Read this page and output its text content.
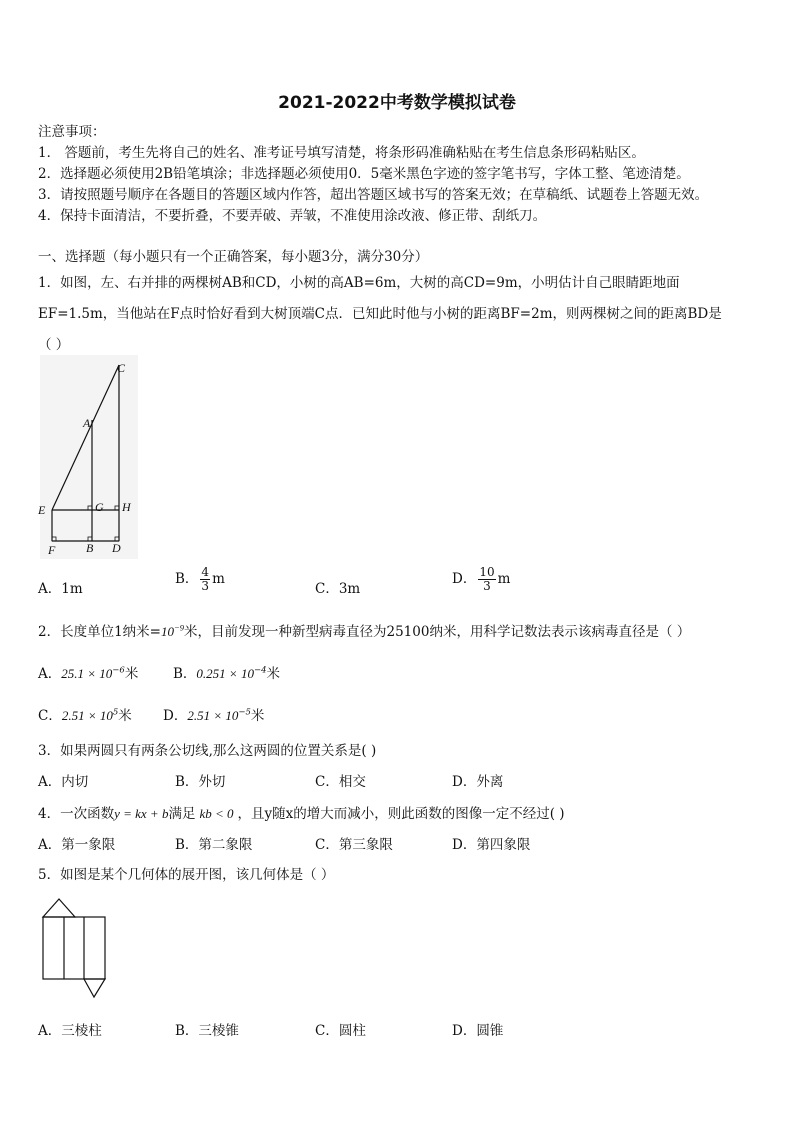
2021-2022中考数学模拟试卷
注意事项：
1． 答题前，考生先将自己的姓名、准考证号填写清楚，将条形码准确粘贴在考生信息条形码粘贴区。
2．选择题必须使用2B铅笔填涂；非选择题必须使用0．5毫米黑色字迹的签字笔书写，字体工整、笔迹清楚。
3．请按照题号顺序在各题目的答题区域内作答，超出答题区域书写的答案无效；在草稿纸、试题卷上答题无效。
4．保持卡面清洁，不要折叠，不要弄破、弄皱，不准使用涂改液、修正带、刮纸刀。
一、选择题（每小题只有一个正确答案，每小题3分，满分30分）
1．如图，左、右并排的两棵树AB和CD，小树的高AB=6m，大树的高CD=9m，小明估计自己眼睛距地面
EF=1.5m，当他站在F点时恰好看到大树顶端C点．已知此时他与小树的距离BF=2m，则两棵树之间的距离BD是
（ ）
C
A
E	G H
F	B D
A．1m
B． $\frac{4}{3}$ m
C．3m
D． $\frac{10}{3}$ m
2．长度单位1纳米$=10^{-9}$米，目前发现一种新型病毒直径为25100纳米，用科学记数法表示该病毒直径是（ ）
A．$25.1 \times 10^{-6}$米	B．$0.251 \times 10^{-4}$米
C．$2.51 \times 10^5$米 D．$2.51 \times 10^{-5}$米
3．如果两圆只有两条公切线,那么这两圆的位置关系是( )
A．内切	B．外切	C．相交	D．外离
4．一次函数y = kx + b满足 kb < 0 ，且y随x的增大而减小，则此函数的图像一定不经过( )
A．第一象限	B．第二象限	C．第三象限	D．第四象限
5．如图是某个几何体的展开图，该几何体是（ ）
A．三棱柱	B．三棱锥	C．圆柱	D．圆锥
